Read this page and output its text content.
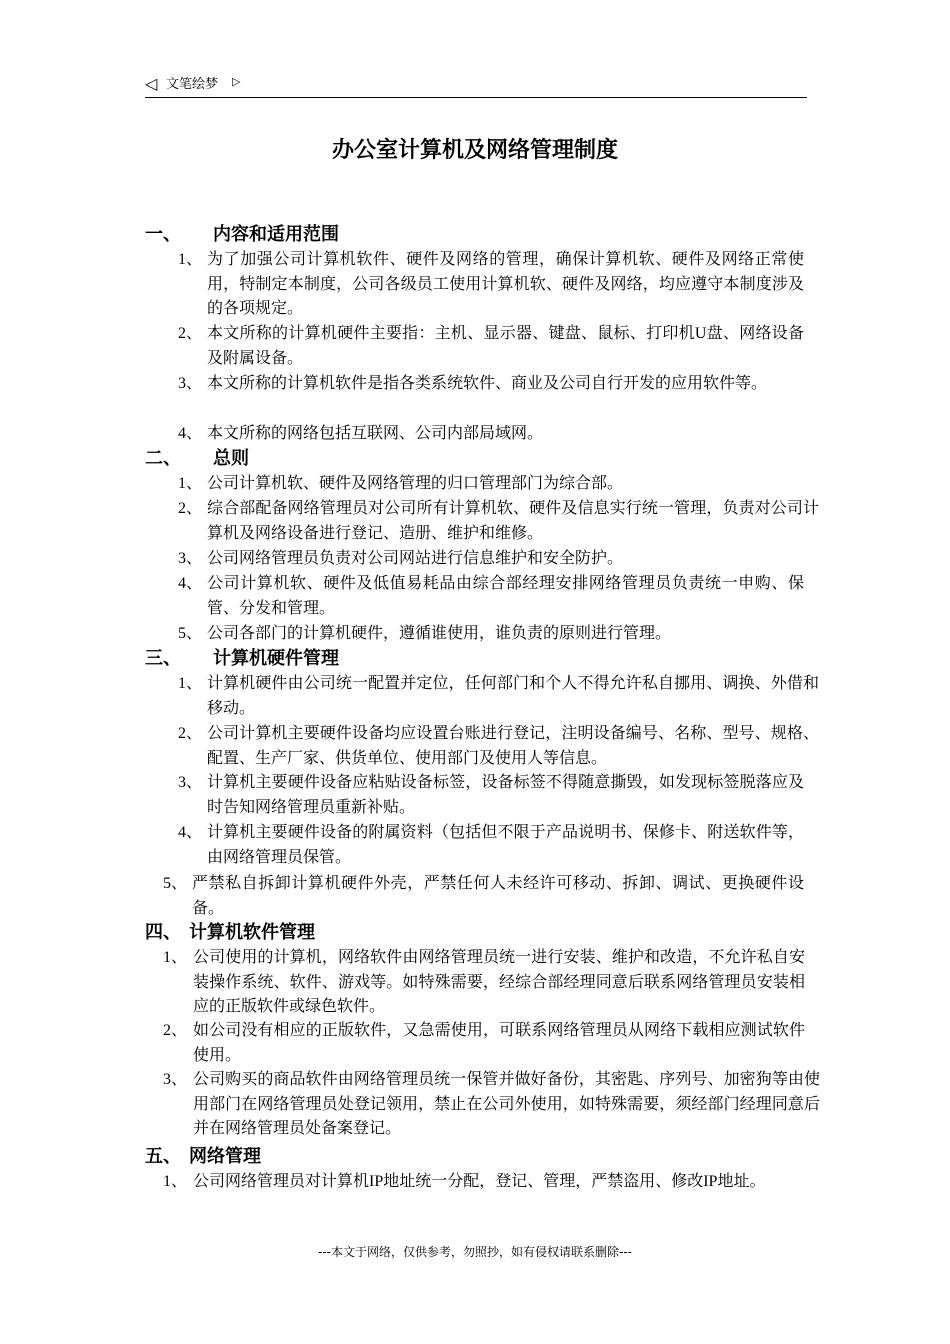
◁ 文笔绘梦 ▷
办公室计算机及网络管理制度
一、 内容和适用范围
1、 为了加强公司计算机软件、硬件及网络的管理，确保计算机软、硬件及网络正常使用，特制定本制度，公司各级员工使用计算机软、硬件及网络，均应遵守本制度涉及的各项规定。
2、 本文所称的计算机硬件主要指：主机、显示器、键盘、鼠标、打印机U盘、网络设备及附属设备。
3、 本文所称的计算机软件是指各类系统软件、商业及公司自行开发的应用软件等。
4、 本文所称的网络包括互联网、公司内部局域网。
二、 总则
1、 公司计算机软、硬件及网络管理的归口管理部门为综合部。
2、 综合部配备网络管理员对公司所有计算机软、硬件及信息实行统一管理，负责对公司计算机及网络设备进行登记、造册、维护和维修。
3、 公司网络管理员负责对公司网站进行信息维护和安全防护。
4、 公司计算机软、硬件及低值易耗品由综合部经理安排网络管理员负责统一申购、保管、分发和管理。
5、 公司各部门的计算机硬件，遵循谁使用，谁负责的原则进行管理。
三、 计算机硬件管理
1、 计算机硬件由公司统一配置并定位，任何部门和个人不得允许私自挪用、调换、外借和移动。
2、 公司计算机主要硬件设备均应设置台账进行登记，注明设备编号、名称、型号、规格、配置、生产厂家、供货单位、使用部门及使用人等信息。
3、 计算机主要硬件设备应粘贴设备标签，设备标签不得随意撕毁，如发现标签脱落应及时告知网络管理员重新补贴。
4、 计算机主要硬件设备的附属资料（包括但不限于产品说明书、保修卡、附送软件等，由网络管理员保管。
5、 严禁私自拆卸计算机硬件外壳，严禁任何人未经许可移动、拆卸、调试、更换硬件设备。
四、 计算机软件管理
1、 公司使用的计算机，网络软件由网络管理员统一进行安装、维护和改造，不允许私自安装操作系统、软件、游戏等。如特殊需要，经综合部经理同意后联系网络管理员安装相应的正版软件或绿色软件。
2、 如公司没有相应的正版软件，又急需使用，可联系网络管理员从网络下载相应测试软件使用。
3、 公司购买的商品软件由网络管理员统一保管并做好备份，其密匙、序列号、加密狗等由使用部门在网络管理员处登记领用，禁止在公司外使用，如特殊需要，须经部门经理同意后并在网络管理员处备案登记。
五、 网络管理
1、 公司网络管理员对计算机IP地址统一分配，登记、管理，严禁盗用、修改IP地址。
---本文于网络，仅供参考，勿照抄，如有侵权请联系删除---
